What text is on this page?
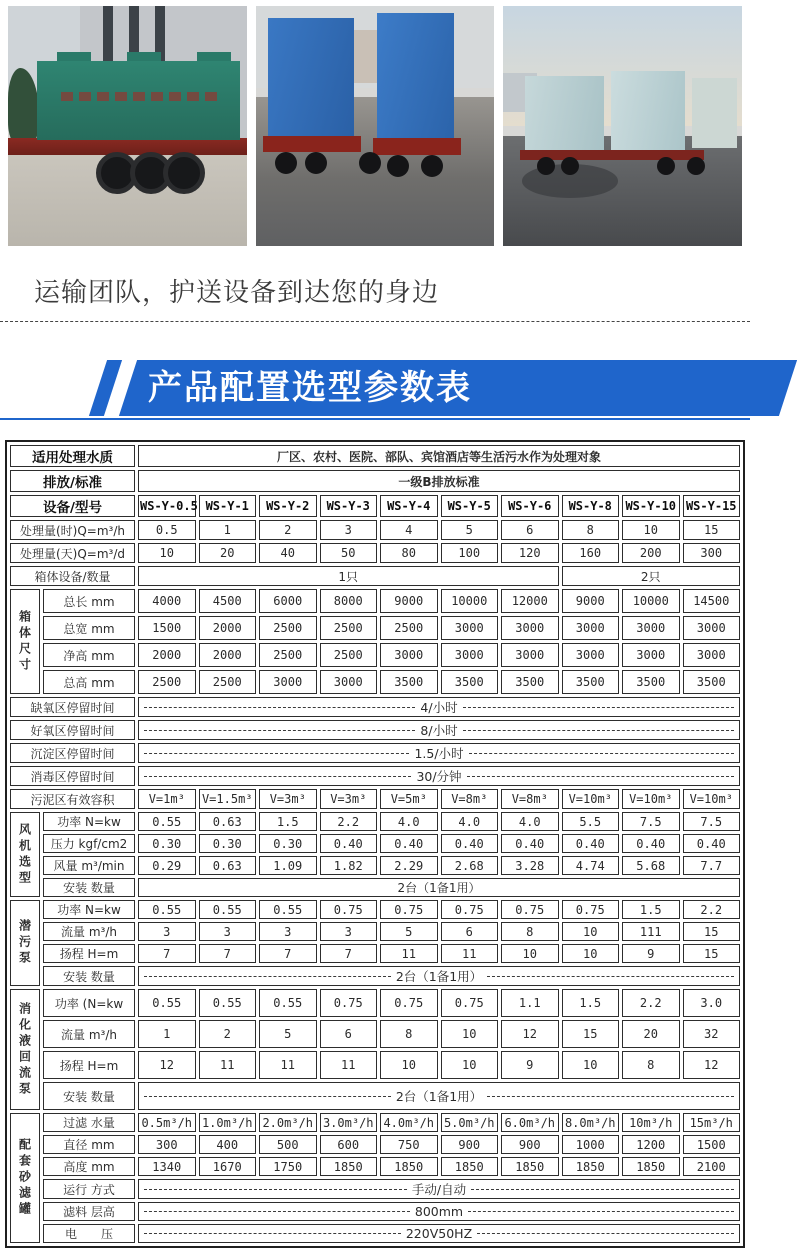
运输团队，护送设备到达您的身边
产品配置选型参数表
适用处理水质		厂区、农村、医院、部队、宾馆酒店等生活污水作为处理对象									
排放/标准		一级B排放标准									
设备/型号		WS-Y-0.5	WS-Y-1	WS-Y-2	WS-Y-3	WS-Y-4	WS-Y-5	WS-Y-6	WS-Y-8	WS-Y-10	WS-Y-15
处理量(时)Q=m³/h		0.5	1	2	3	4	5	6	8	10	15
处理量(天)Q=m³/d		10	20	40	50	80	100	120	160	200	300
箱体设备/数量		1只							2只		
箱体尺寸	总长 mm	4000	4500	6000	8000	9000	10000	12000	9000	10000	14500
	总宽 mm	1500	2000	2500	2500	2500	3000	3000	3000	3000	3000
	净高 mm	2000	2000	2500	2500	3000	3000	3000	3000	3000	3000
	总高 mm	2500	2500	3000	3000	3500	3500	3500	3500	3500	3500
缺氧区停留时间		4/小时									

好氧区停留时间		8/小时									

沉淀区停留时间		1.5/小时									

消毒区停留时间		30/分钟									

污泥区有效容积		V=1m³	V=1.5m³	V=3m³	V=3m³	V=5m³	V=8m³	V=8m³	V=10m³	V=10m³	V=10m³
风机选型	功率 N=kw	0.55	0.63	1.5	2.2	4.0	4.0	4.0	5.5	7.5	7.5
	压力 kgf/cm2	0.30	0.30	0.30	0.40	0.40	0.40	0.40	0.40	0.40	0.40
	风量 m³/min	0.29	0.63	1.09	1.82	2.29	2.68	3.28	4.74	5.68	7.7
	安装 数量	2台（1备1用）									
潜污泵	功率 N=kw	0.55	0.55	0.55	0.75	0.75	0.75	0.75	0.75	1.5	2.2
	流量 m³/h	3	3	3	3	5	6	8	10	111	15
	扬程 H=m	7	7	7	7	11	11	10	10	9	15
	安装 数量	2台（1备1用）									

消化液回流泵	功率 (N=kw	0.55	0.55	0.55	0.75	0.75	0.75	1.1	1.5	2.2	3.0
	流量 m³/h	1	2	5	6	8	10	12	15	20	32
	扬程 H=m	12	11	11	11	10	10	9	10	8	12
	安装 数量	2台（1备1用）									

配套砂滤罐	过滤 水量	0.5m³/h	1.0m³/h	2.0m³/h	3.0m³/h	4.0m³/h	5.0m³/h	6.0m³/h	8.0m³/h	10m³/h	15m³/h
	直径 mm	300	400	500	600	750	900	900	1000	1200	1500
	高度 mm	1340	1670	1750	1850	1850	1850	1850	1850	1850	2100
	运行 方式	手动/自动									

	滤料 层高	800mm									

	电　　压	220V50HZ									
